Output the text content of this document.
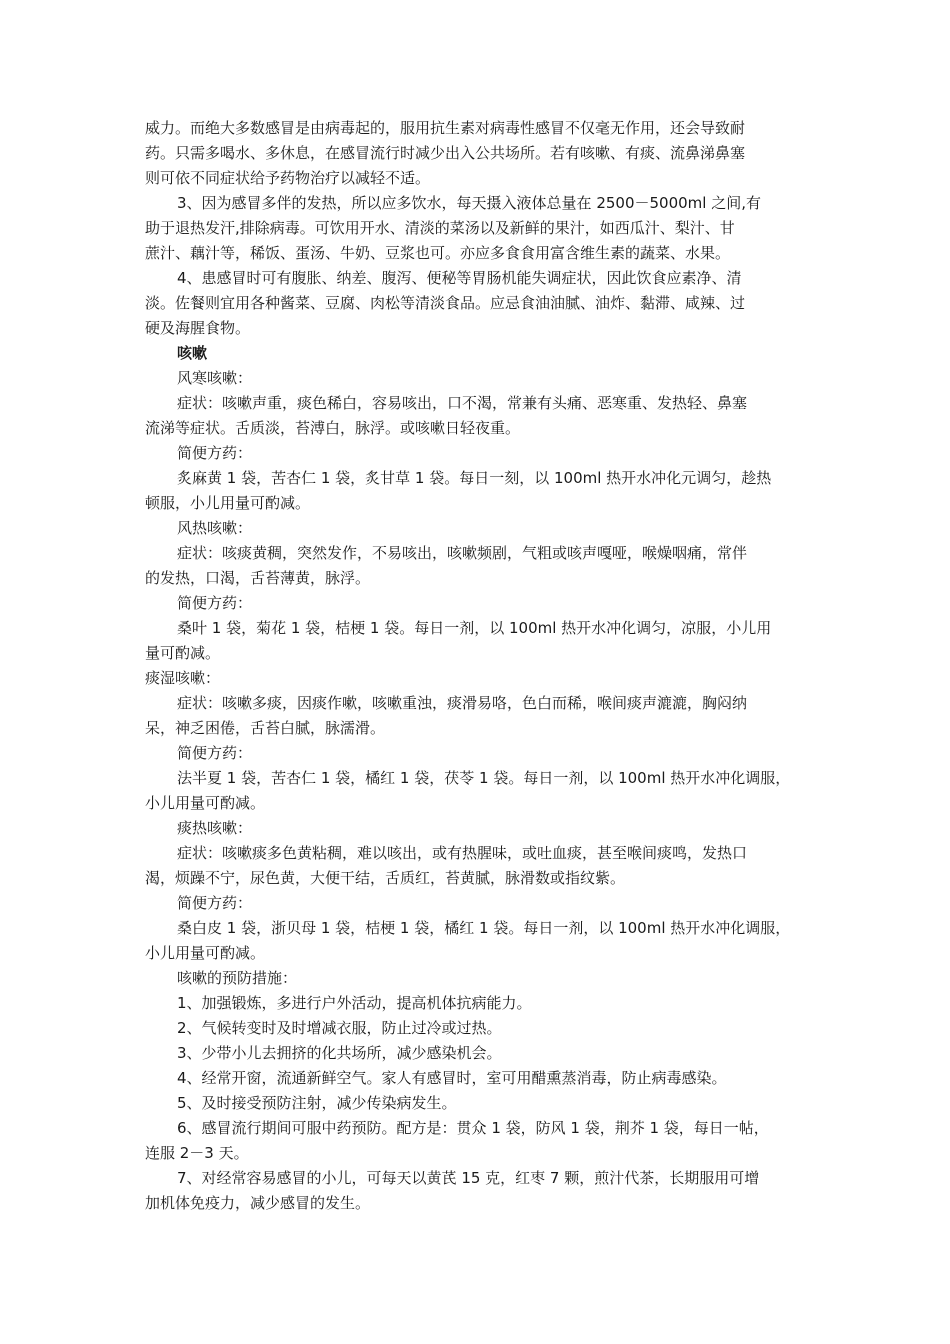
威力。而绝大多数感冒是由病毒起的，服用抗生素对病毒性感冒不仅毫无作用，还会导致耐
药。只需多喝水、多休息，在感冒流行时减少出入公共场所。若有咳嗽、有痰、流鼻涕鼻塞
则可依不同症状给予药物治疗以减轻不适。
3、因为感冒多伴的发热，所以应多饮水，每天摄入液体总量在 2500－5000ml 之间,有
助于退热发汗,排除病毒。可饮用开水、清淡的菜汤以及新鲜的果汁，如西瓜汁、梨汁、甘
蔗汁、藕汁等，稀饭、蛋汤、牛奶、豆浆也可。亦应多食食用富含维生素的蔬菜、水果。
4、患感冒时可有腹胀、纳差、腹泻、便秘等胃肠机能失调症状，因此饮食应素净、清
淡。佐餐则宜用各种酱菜、豆腐、肉松等清淡食品。应忌食油油腻、油炸、黏滞、咸辣、过
硬及海腥食物。
咳嗽
风寒咳嗽：
症状：咳嗽声重，痰色稀白，容易咳出，口不渴，常兼有头痛、恶寒重、发热轻、鼻塞
流涕等症状。舌质淡，苔溥白，脉浮。或咳嗽日轻夜重。
简便方药：
炙麻黄 1 袋，苦杏仁 1 袋，炙甘草 1 袋。每日一刻，以 100ml 热开水冲化元调匀，趁热
顿服，小儿用量可酌减。
风热咳嗽：
症状：咳痰黄稠，突然发作，不易咳出，咳嗽频剧，气粗或咳声嘎哑，喉燥咽痛，常伴
的发热，口渴，舌苔薄黄，脉浮。
简便方药：
桑叶 1 袋，菊花 1 袋，桔梗 1 袋。每日一剂，以 100ml 热开水冲化调匀，凉服，小儿用
量可酌减。
痰湿咳嗽：
症状：咳嗽多痰，因痰作嗽，咳嗽重浊，痰滑易咯，色白而稀，喉间痰声漉漉，胸闷纳
呆，神乏困倦，舌苔白腻，脉濡滑。
简便方药：
法半夏 1 袋，苦杏仁 1 袋，橘红 1 袋，茯苓 1 袋。每日一剂，以 100ml 热开水冲化调服，
小儿用量可酌减。
痰热咳嗽：
症状：咳嗽痰多色黄粘稠，难以咳出，或有热腥味，或吐血痰，甚至喉间痰鸣，发热口
渴，烦躁不宁，尿色黄，大便干结，舌质红，苔黄腻，脉滑数或指纹紫。
简便方药：
桑白皮 1 袋，浙贝母 1 袋，桔梗 1 袋，橘红 1 袋。每日一剂，以 100ml 热开水冲化调服，
小儿用量可酌减。
咳嗽的预防措施：
1、加强锻炼，多进行户外活动，提高机体抗病能力。
2、气候转变时及时增减衣服，防止过冷或过热。
3、少带小儿去拥挤的化共场所，减少感染机会。
4、经常开窗，流通新鲜空气。家人有感冒时，室可用醋熏蒸消毒，防止病毒感染。
5、及时接受预防注射，减少传染病发生。
6、感冒流行期间可服中药预防。配方是：贯众 1 袋，防风 1 袋，荆芥 1 袋，每日一帖，
连服 2－3 天。
7、对经常容易感冒的小儿，可每天以黄芪 15 克，红枣 7 颗，煎汁代茶，长期服用可增
加机体免疫力，减少感冒的发生。
